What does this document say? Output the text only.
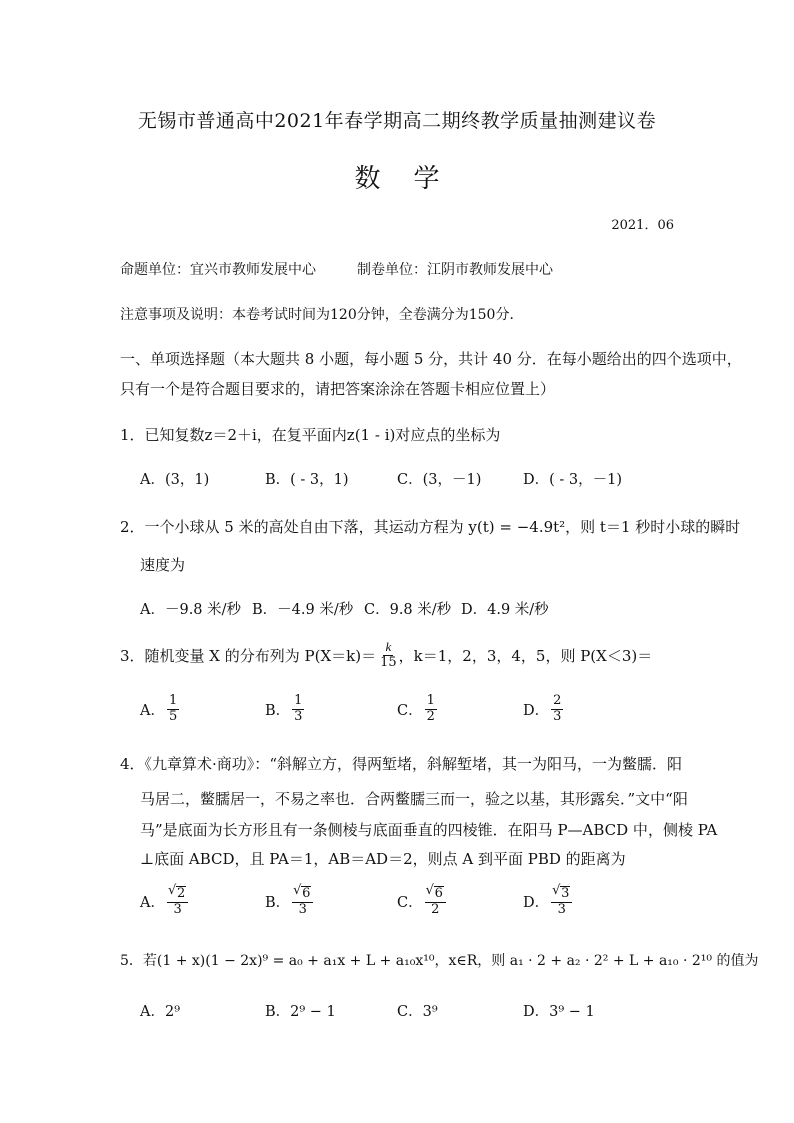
无锡市普通高中2021年春学期高二期终教学质量抽测建议卷
数    学
2021．06
命题单位：宜兴市教师发展中心	制卷单位：江阴市教师发展中心
注意事项及说明：本卷考试时间为120分钟，全卷满分为150分．
一、单项选择题（本大题共 8 小题，每小题 5 分，共计 40 分．在每小题给出的四个选项中，
只有一个是符合题目要求的，请把答案涂涂在答题卡相应位置上）
1．已知复数z＝2＋i，在复平面内z(1 - i)对应点的坐标为
A．(3，1)	B．( - 3，1)	C．(3，－1)	D．( - 3，－1)
2．一个小球从 5 米的高处自由下落，其运动方程为 y(t) = −4.9t²，则 t＝1 秒时小球的瞬时
速度为
A．－9.8 米/秒 B．－4.9 米/秒 C．9.8 米/秒 D．4.9 米/秒
3．随机变量 X 的分布列为 $P(X=k)= \frac{k}{15}$ ，k＝1，2，3，4，5，则 P(X＜3)＝
A． $\frac{1}{5}$	B． $\frac{1}{3}$	C． $\frac{1}{2}$	D． $\frac{2}{3}$
4．《九章算术·商功》：“斜解立方，得两堑堵，斜解堑堵，其一为阳马，一为鳖臑．阳
马居二，鳖臑居一，不易之率也．合两鳖臑三而一，验之以基，其形露矣．”文中“阳
马”是底面为长方形且有一条侧棱与底面垂直的四棱锥．在阳马 P—ABCD 中，侧棱 PA
⊥底面 ABCD，且 PA＝1，AB＝AD＝2，则点 A 到平面 PBD 的距离为
A． √ $\frac{2}{3}$	B． √ $\frac{6}{3}$	C． √ $\frac{6}{2}$	D． √ $\frac{3}{3}$
5．若(1 + x)(1 − 2x)⁹ = a₀ + a₁x + L + a₁₀x¹⁰，x∈R，则 a₁ · 2 + a₂ · 2² + L + a₁₀ · 2¹⁰ 的值为
A．2⁹	B．2⁹ − 1	C．3⁹	D．3⁹ − 1
